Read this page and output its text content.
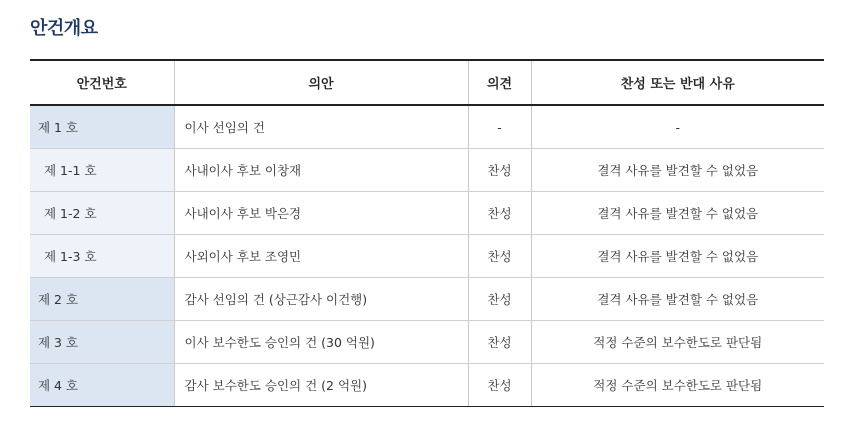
안건개요
안건번호	의안	의견	찬성 또는 반대 사유
제 1 호	이사 선임의 건	-	-
제 1-1 호	사내이사 후보 이창재	찬성	결격 사유를 발견할 수 없었음
제 1-2 호	사내이사 후보 박은경	찬성	결격 사유를 발견할 수 없었음
제 1-3 호	사외이사 후보 조영민	찬성	결격 사유를 발견할 수 없었음
제 2 호	감사 선임의 건 (상근감사 이건행)	찬성	결격 사유를 발견할 수 없었음
제 3 호	이사 보수한도 승인의 건 (30 억원)	찬성	적정 수준의 보수한도로 판단됨
제 4 호	감사 보수한도 승인의 건 (2 억원)	찬성	적정 수준의 보수한도로 판단됨
